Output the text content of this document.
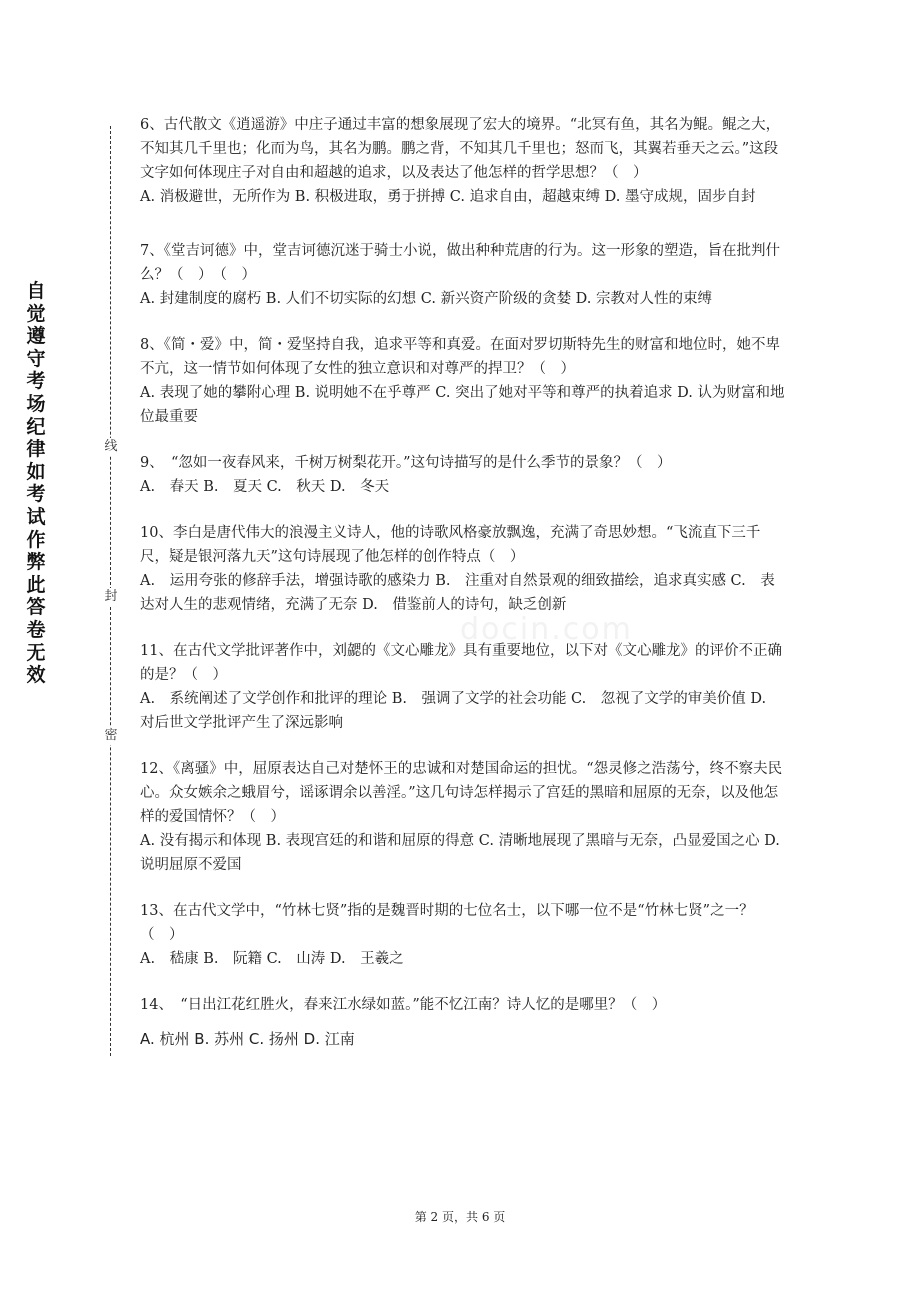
自觉遵守考场纪律如考试作弊此答卷无效
线
封
密
docin.com

6、古代散文《逍遥游》中庄子通过丰富的想象展现了宏大的境界。“北冥有鱼，其名为鲲。鲲之大，不知其几千里也；化而为鸟，其名为鹏。鹏之背，不知其几千里也；怒而飞，其翼若垂天之云。”这段文字如何体现庄子对自由和超越的追求，以及表达了他怎样的哲学思想？（　）

A. 消极避世，无所作为 B. 积极进取，勇于拼搏 C. 追求自由，超越束缚 D. 墨守成规，固步自封

7、《堂吉诃德》中，堂吉诃德沉迷于骑士小说，做出种种荒唐的行为。这一形象的塑造，旨在批判什么？（　）　（　）

A. 封建制度的腐朽 B. 人们不切实际的幻想 C. 新兴资产阶级的贪婪 D. 宗教对人性的束缚

8、《简・爱》中，简・爱坚持自我，追求平等和真爱。在面对罗切斯特先生的财富和地位时，她不卑不亢，这一情节如何体现了女性的独立意识和对尊严的捍卫？（　）

A. 表现了她的攀附心理 B. 说明她不在乎尊严 C. 突出了她对平等和尊严的执着追求 D. 认为财富和地位最重要

9、　“忽如一夜春风来，千树万树梨花开。”这句诗描写的是什么季节的景象？（　）

A.　春天 B.　夏天 C.　秋天 D.　冬天

10、李白是唐代伟大的浪漫主义诗人，他的诗歌风格豪放飘逸，充满了奇思妙想。“飞流直下三千尺，疑是银河落九天”这句诗展现了他怎样的创作特点（　）

A.　运用夸张的修辞手法，增强诗歌的感染力 B.　注重对自然景观的细致描绘，追求真实感 C.　表达对人生的悲观情绪，充满了无奈 D.　借鉴前人的诗句，缺乏创新

11、在古代文学批评著作中，刘勰的《文心雕龙》具有重要地位，以下对《文心雕龙》的评价不正确的是？（　）

A.　系统阐述了文学创作和批评的理论 B.　强调了文学的社会功能 C.　忽视了文学的审美价值 D.　对后世文学批评产生了深远影响

12、《离骚》中，屈原表达自己对楚怀王的忠诚和对楚国命运的担忧。“怨灵修之浩荡兮，终不察夫民心。众女嫉余之蛾眉兮，谣诼谓余以善淫。”这几句诗怎样揭示了宫廷的黑暗和屈原的无奈，以及他怎样的爱国情怀？（　）

A. 没有揭示和体现 B. 表现宫廷的和谐和屈原的得意 C. 清晰地展现了黑暗与无奈，凸显爱国之心 D.　说明屈原不爱国

13、在古代文学中，“竹林七贤”指的是魏晋时期的七位名士，以下哪一位不是“竹林七贤”之一？（　）

A.　嵇康 B.　阮籍 C.　山涛 D.　王羲之

14、　“日出江花红胜火，春来江水绿如蓝。”能不忆江南？诗人忆的是哪里？（　）

A. 杭州 B. 苏州 C. 扬州 D. 江南

第 2 页，共 6 页
